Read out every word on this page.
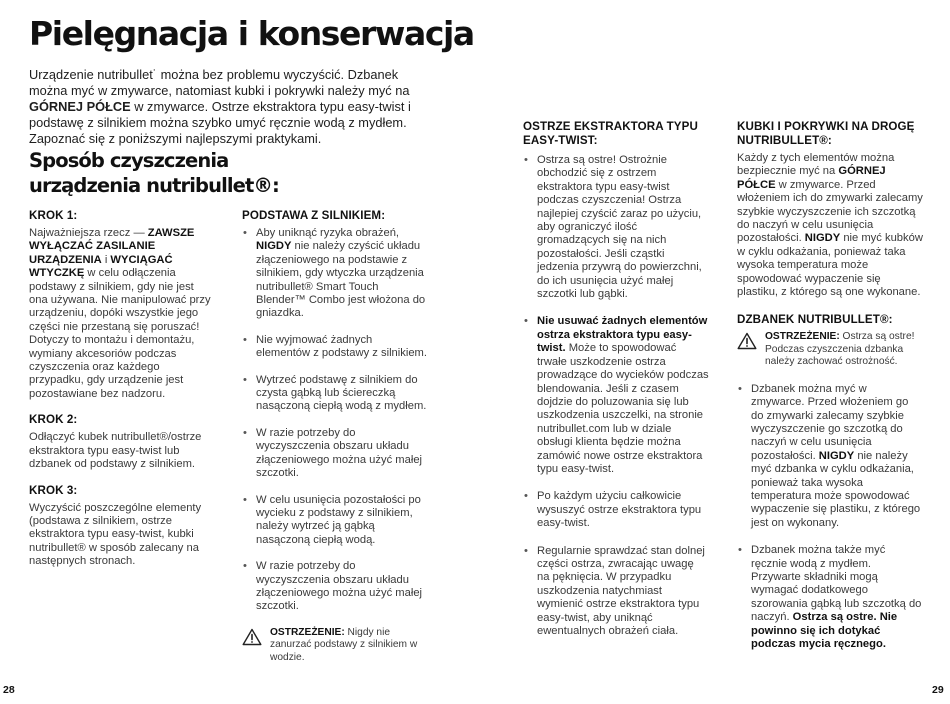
Pielęgnacja i konserwacja
Urządzenie nutribullet˙ można bez problemu wyczyścić. Dzbanek można myć w zmywarce, natomiast kubki i pokrywki należy myć na GÓRNEJ PÓŁCE w zmywarce. Ostrze ekstraktora typu easy-twist i podstawę z silnikiem można szybko umyć ręcznie wodą z mydłem. Zapoznać się z poniższymi najlepszymi praktykami.
Sposób czyszczenia
urządzenia nutribullet®:
KROK 1:

Najważniejsza rzecz — ZAWSZE WYŁĄCZAĆ ZASILANIE URZĄDZENIA i WYCIĄGAĆ WTYCZKĘ w celu odłączenia podstawy z silnikiem, gdy nie jest ona używana. Nie manipulować przy urządzeniu, dopóki wszystkie jego części nie przestaną się poruszać! Dotyczy to montażu i demontażu, wymiany akcesoriów podczas czyszczenia oraz każdego przypadku, gdy urządzenie jest pozostawiane bez nadzoru.

KROK 2:

Odłączyć kubek nutribullet®/ostrze ekstraktora typu easy-twist lub dzbanek od podstawy z silnikiem.

KROK 3:

Wyczyścić poszczególne elementy (podstawa z silnikiem, ostrze ekstraktora typu easy-twist, kubki nutribullet® w sposób zalecany na następnych stronach.

PODSTAWA Z SILNIKIEM:
• Aby uniknąć ryzyka obrażeń, NIGDY nie należy czyścić układu złączeniowego na podstawie z silnikiem, gdy wtyczka urządzenia nutribullet® Smart Touch Blender™ Combo jest włożona do gniazdka.
• Nie wyjmować żadnych elementów z podstawy z silnikiem.
• Wytrzeć podstawę z silnikiem do czysta gąbką lub ściereczką nasączoną ciepłą wodą z mydłem.
• W razie potrzeby do wyczyszczenia obszaru układu złączeniowego można użyć małej szczotki.
• W celu usunięcia pozostałości po wycieku z podstawy z silnikiem, należy wytrzeć ją gąbką nasączoną ciepłą wodą.
• W razie potrzeby do wyczyszczenia obszaru układu złączeniowego można użyć małej szczotki.
OSTRZEŻENIE: Nigdy nie zanurzać podstawy z silnikiem w wodzie.
OSTRZE EKSTRAKTORA TYPU EASY-TWIST:
• Ostrza są ostre! Ostrożnie obchodzić się z ostrzem ekstraktora typu easy-twist podczas czyszczenia! Ostrza najlepiej czyścić zaraz po użyciu, aby ograniczyć ilość gromadzących się na nich pozostałości. Jeśli cząstki jedzenia przywrą do powierzchni, do ich usunięcia użyć małej szczotki lub gąbki.
• Nie usuwać żadnych elementów ostrza ekstraktora typu easy-twist. Może to spowodować trwałe uszkodzenie ostrza prowadzące do wycieków podczas blendowania. Jeśli z czasem dojdzie do poluzowania się lub uszkodzenia uszczelki, na stronie nutribullet.com lub w dziale obsługi klienta będzie można zamówić nowe ostrze ekstraktora typu easy-twist.
• Po każdym użyciu całkowicie wysuszyć ostrze ekstraktora typu easy-twist.
• Regularnie sprawdzać stan dolnej części ostrza, zwracając uwagę na pęknięcia. W przypadku uszkodzenia natychmiast wymienić ostrze ekstraktora typu easy-twist, aby uniknąć ewentualnych obrażeń ciała.
KUBKI I POKRYWKI NA DROGĘ NUTRIBULLET®:

Każdy z tych elementów można bezpiecznie myć na GÓRNEJ PÓŁCE w zmywarce. Przed włożeniem ich do zmywarki zalecamy szybkie wyczyszczenie ich szczotką do naczyń w celu usunięcia pozostałości. NIGDY nie myć kubków w cyklu odkażania, ponieważ taka wysoka temperatura może spowodować wypaczenie się plastiku, z którego są one wykonane.

DZBANEK NUTRIBULLET®:
OSTRZEŻENIE: Ostrza są ostre! Podczas czyszczenia dzbanka należy zachować ostrożność.
• Dzbanek można myć w zmywarce. Przed włożeniem go do zmywarki zalecamy szybkie wyczyszczenie go szczotką do naczyń w celu usunięcia pozostałości. NIGDY nie należy myć dzbanka w cyklu odkażania, ponieważ taka wysoka temperatura może spowodować wypaczenie się plastiku, z którego jest on wykonany.
• Dzbanek można także myć ręcznie wodą z mydłem. Przywarte składniki mogą wymagać dodatkowego szorowania gąbką lub szczotką do naczyń. Ostrza są ostre. Nie powinno się ich dotykać podczas mycia ręcznego.
28	29
